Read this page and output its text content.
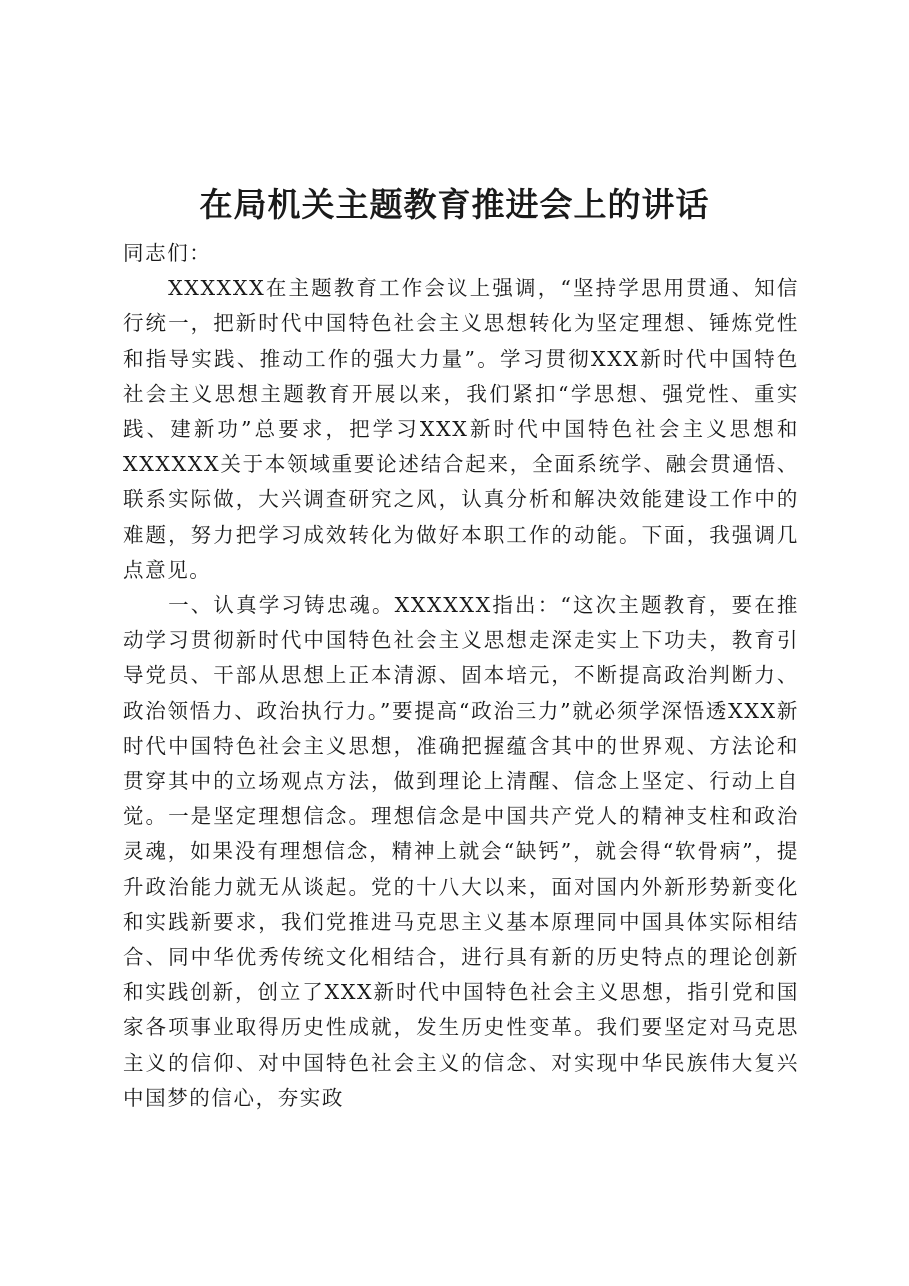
在局机关主题教育推进会上的讲话

同志们：

XXXXXX在主题教育工作会议上强调，“坚持学思用贯通、知信行统一，把新时代中国特色社会主义思想转化为坚定理想、锤炼党性和指导实践、推动工作的强大力量”。学习贯彻XXX新时代中国特色社会主义思想主题教育开展以来，我们紧扣“学思想、强党性、重实践、建新功”总要求，把学习XXX新时代中国特色社会主义思想和XXXXXX关于本领域重要论述结合起来，全面系统学、融会贯通悟、联系实际做，大兴调查研究之风，认真分析和解决效能建设工作中的难题，努力把学习成效转化为做好本职工作的动能。下面，我强调几点意见。

一、认真学习铸忠魂。XXXXXX指出：“这次主题教育，要在推动学习贯彻新时代中国特色社会主义思想走深走实上下功夫，教育引导党员、干部从思想上正本清源、固本培元，不断提高政治判断力、政治领悟力、政治执行力。”要提高“政治三力”就必须学深悟透XXX新时代中国特色社会主义思想，准确把握蕴含其中的世界观、方法论和贯穿其中的立场观点方法，做到理论上清醒、信念上坚定、行动上自觉。一是坚定理想信念。理想信念是中国共产党人的精神支柱和政治灵魂，如果没有理想信念，精神上就会“缺钙”，就会得“软骨病”，提升政治能力就无从谈起。党的十八大以来，面对国内外新形势新变化和实践新要求，我们党推进马克思主义基本原理同中国具体实际相结合、同中华优秀传统文化相结合，进行具有新的历史特点的理论创新和实践创新，创立了XXX新时代中国特色社会主义思想，指引党和国家各项事业取得历史性成就，发生历史性变革。我们要坚定对马克思主义的信仰、对中国特色社会主义的信念、对实现中华民族伟大复兴中国梦的信心，夯实政
